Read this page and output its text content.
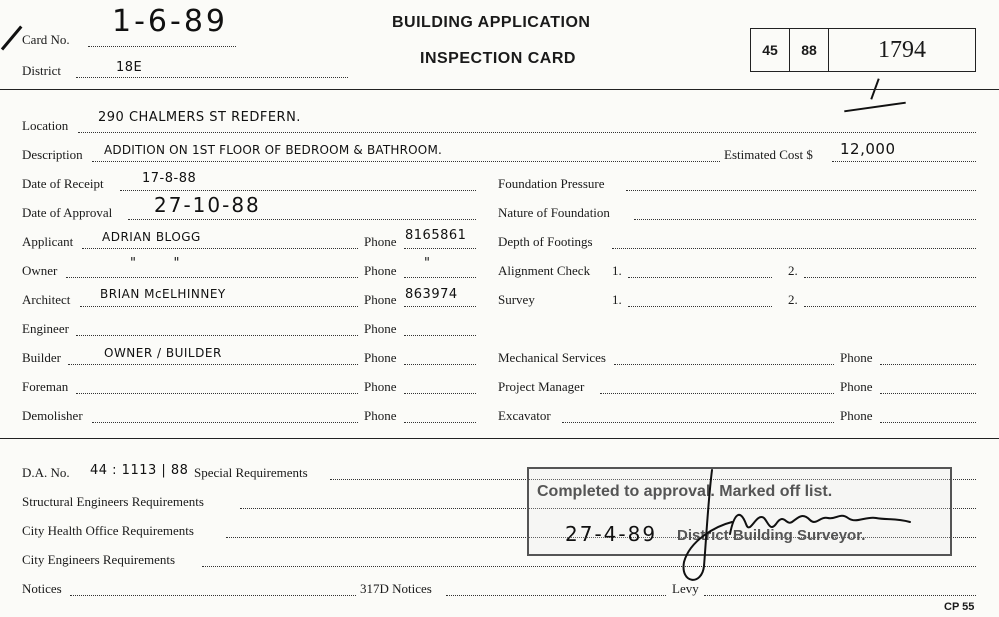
Card No.
1-6-89
District	18E
BUILDING APPLICATION
INSPECTION CARD	45	88	1794
Location
290 CHALMERS ST REDFERN.
Description ADDITION ON 1ST FLOOR OF BEDROOM & BATHROOM.	Estimated Cost $ 12,000
Date of Receipt	17-8-88
Date of Approval 27-10-88
Applicant ADRIAN BLOGG	Phone 8165861
Owner	"        "	Phone "
Architect BRIAN McELHINNEY	Phone 863974
Engineer	Phone
Builder	OWNER / BUILDER	Phone
Foreman	Phone
Demolisher	Phone
Foundation Pressure
Nature of Foundation
Depth of Footings
Alignment Check 1.	2.
Survey	1.	2.
Mechanical Services	Phone
Project Manager	Phone
Excavator	Phone
D.A. No. 44 : 1113 | 88 Special Requirements
Structural Engineers Requirements
City Health Office Requirements
City Engineers Requirements
Notices	317D Notices	Levy
CP 55
Completed to approval. Marked off list.
27-4-89 District Building Surveyor.
